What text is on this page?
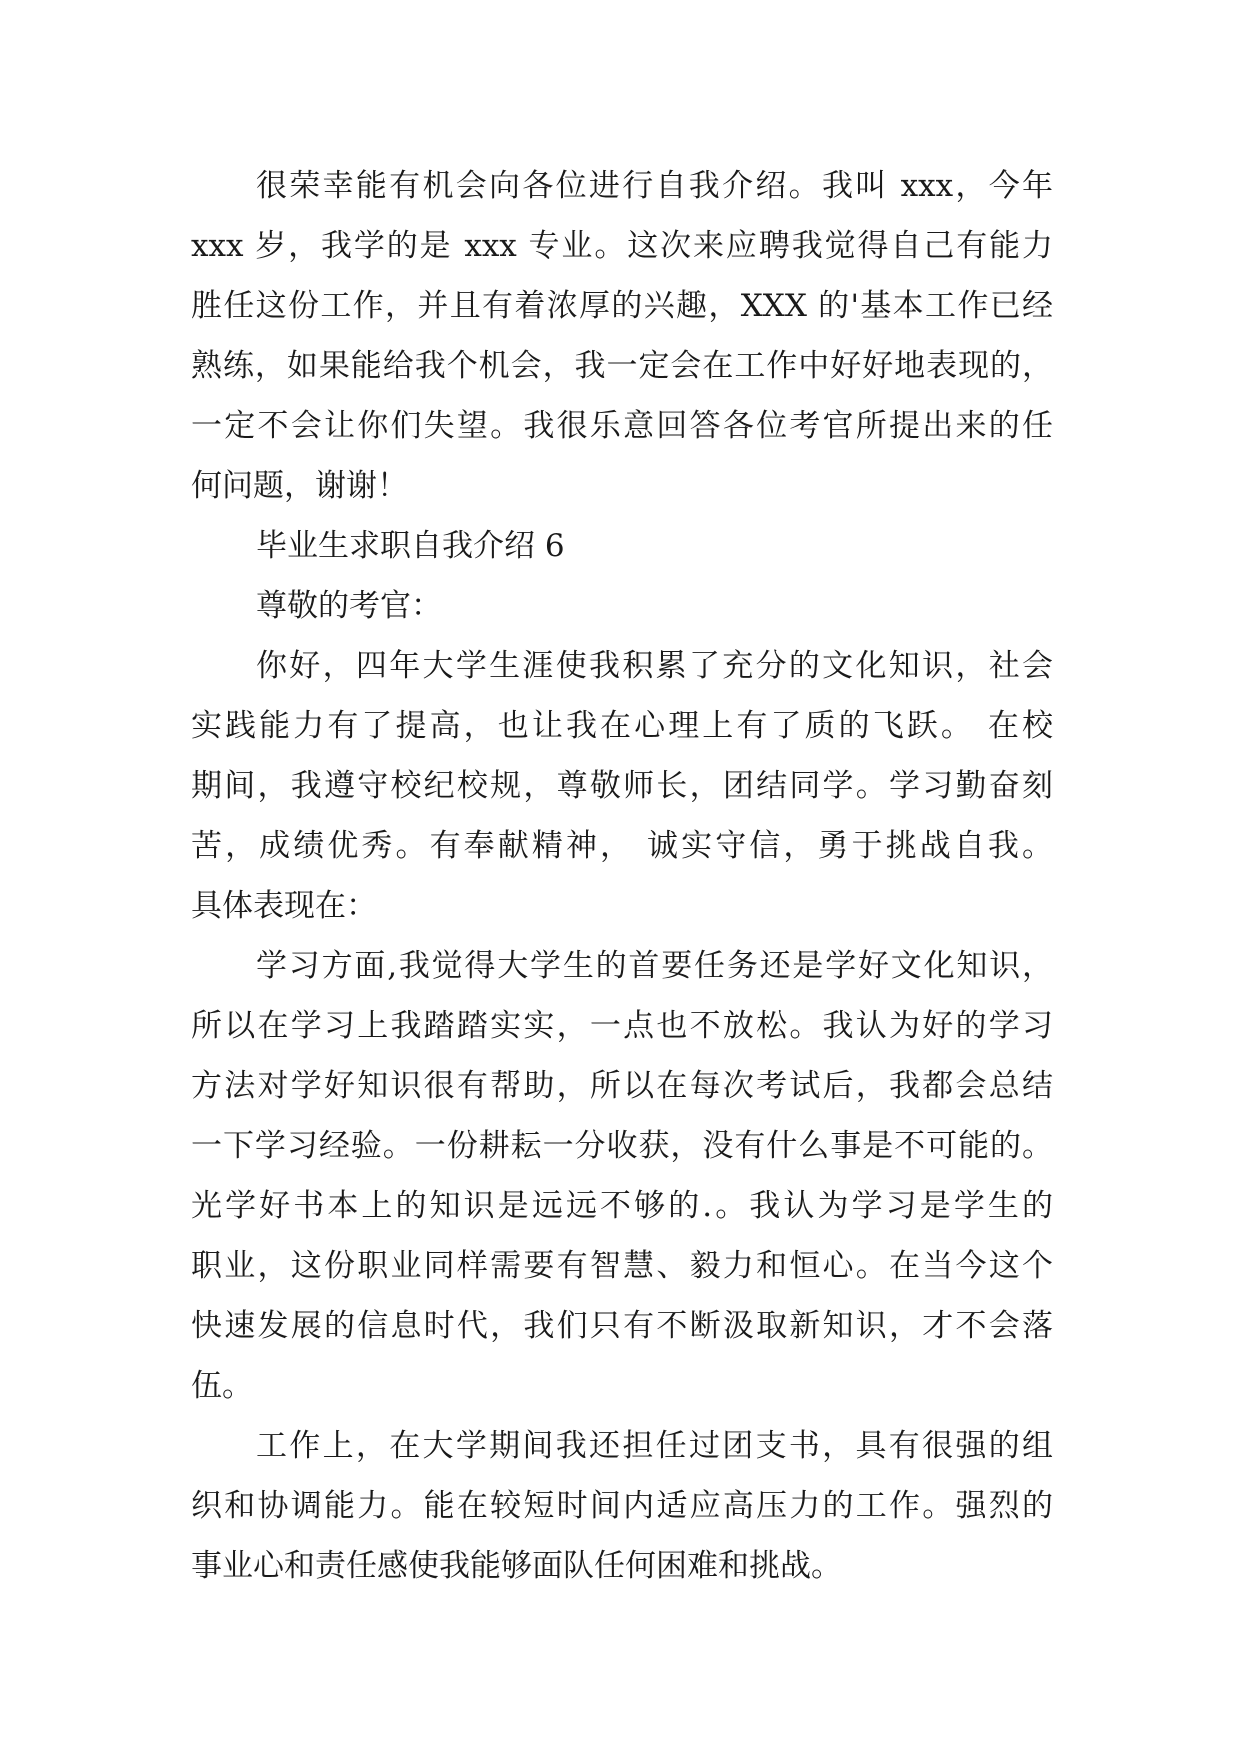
很荣幸能有机会向各位进行自我介绍。我叫 xxx，今年
xxx 岁，我学的是 xxx 专业。这次来应聘我觉得自己有能力
胜任这份工作，并且有着浓厚的兴趣，XXX 的'基本工作已经
熟练，如果能给我个机会，我一定会在工作中好好地表现的，
一定不会让你们失望。我很乐意回答各位考官所提出来的任
何问题，谢谢！
毕业生求职自我介绍 6
尊敬的考官：
你好，四年大学生涯使我积累了充分的文化知识，社会
实践能力有了提高，也让我在心理上有了质的飞跃。 在校
期间，我遵守校纪校规，尊敬师长，团结同学。学习勤奋刻
苦，成绩优秀。有奉献精神， 诚实守信，勇于挑战自我。
具体表现在：
学习方面,我觉得大学生的首要任务还是学好文化知识，
所以在学习上我踏踏实实，一点也不放松。我认为好的学习
方法对学好知识很有帮助，所以在每次考试后，我都会总结
一下学习经验。一份耕耘一分收获，没有什么事是不可能的。
光学好书本上的知识是远远不够的.。我认为学习是学生的
职业，这份职业同样需要有智慧、毅力和恒心。在当今这个
快速发展的信息时代，我们只有不断汲取新知识，才不会落
伍。
工作上，在大学期间我还担任过团支书，具有很强的组
织和协调能力。能在较短时间内适应高压力的工作。强烈的
事业心和责任感使我能够面队任何困难和挑战。
